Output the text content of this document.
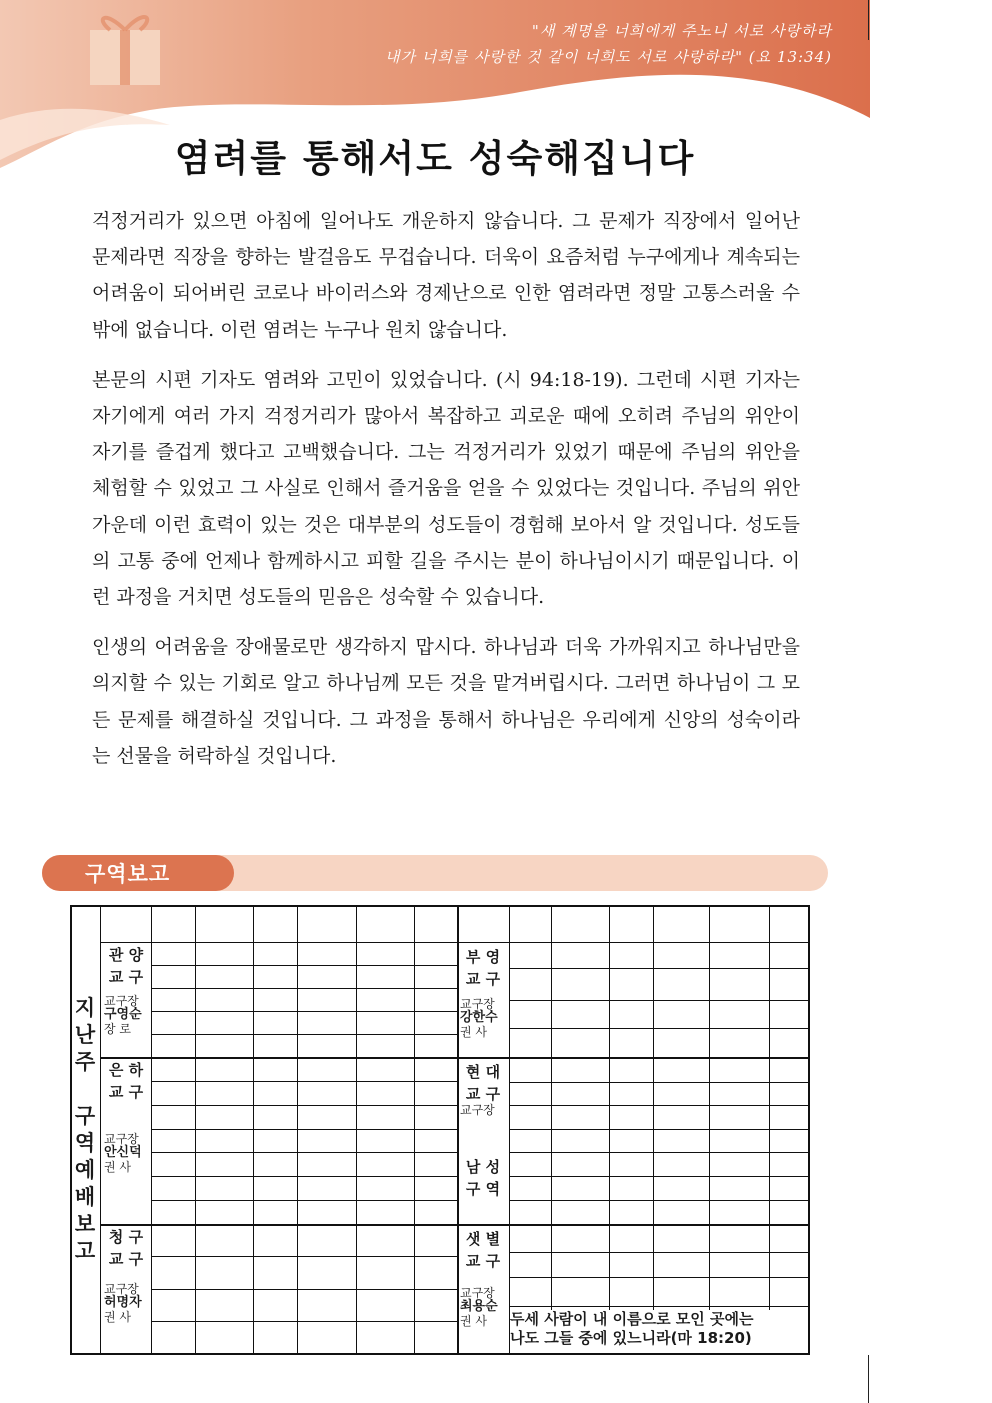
"새 계명을 너희에게 주노니 서로 사랑하라
내가 너희를 사랑한 것 같이 너희도 서로 사랑하라" (요 13:34)
염려를 통해서도 성숙해집니다

걱정거리가 있으면 아침에 일어나도 개운하지 않습니다. 그 문제가 직장에서 일어난 문제라면 직장을 향하는 발걸음도 무겁습니다. 더욱이 요즘처럼 누구에게나 계속되는 어려움이 되어버린 코로나 바이러스와 경제난으로 인한 염려라면 정말 고통스러울 수밖에 없습니다. 이런 염려는 누구나 원치 않습니다.

본문의 시편 기자도 염려와 고민이 있었습니다. (시 94:18-19). 그런데 시편 기자는 자기에게 여러 가지 걱정거리가 많아서 복잡하고 괴로운 때에 오히려 주님의 위안이 자기를 즐겁게 했다고 고백했습니다. 그는 걱정거리가 있었기 때문에 주님의 위안을 체험할 수 있었고 그 사실로 인해서 즐거움을 얻을 수 있었다는 것입니다. 주님의 위안 가운데 이런 효력이 있는 것은 대부분의 성도들이 경험해 보아서 알 것입니다. 성도들의 고통 중에 언제나 함께하시고 피할 길을 주시는 분이 하나님이시기 때문입니다. 이런 과정을 거치면 성도들의 믿음은 성숙할 수 있습니다.

인생의 어려움을 장애물로만 생각하지 맙시다. 하나님과 더욱 가까워지고 하나님만을 의지할 수 있는 기회로 알고 하나님께 모든 것을 맡겨버립시다. 그러면 하나님이 그 모든 문제를 해결하실 것입니다. 그 과정을 통해서 하나님은 우리에게 신앙의 성숙이라는 선물을 허락하실 것입니다.

구역보고
지
난
주
구
역
예
배
보
고
관 양
교 구
교구장
구영순
장 로
은 하
교 구
교구장
안신덕
권 사
청 구
교 구
교구장
허명자
권 사
부 영
교 구
교구장
강한수
권 사
현 대
교 구
교구장
남 성
구 역
샛 별
교 구
교구장
최용순
권 사	두세 사람이 내 이름으로 모인 곳에는
나도 그들 중에 있느니라(마 18:20)
